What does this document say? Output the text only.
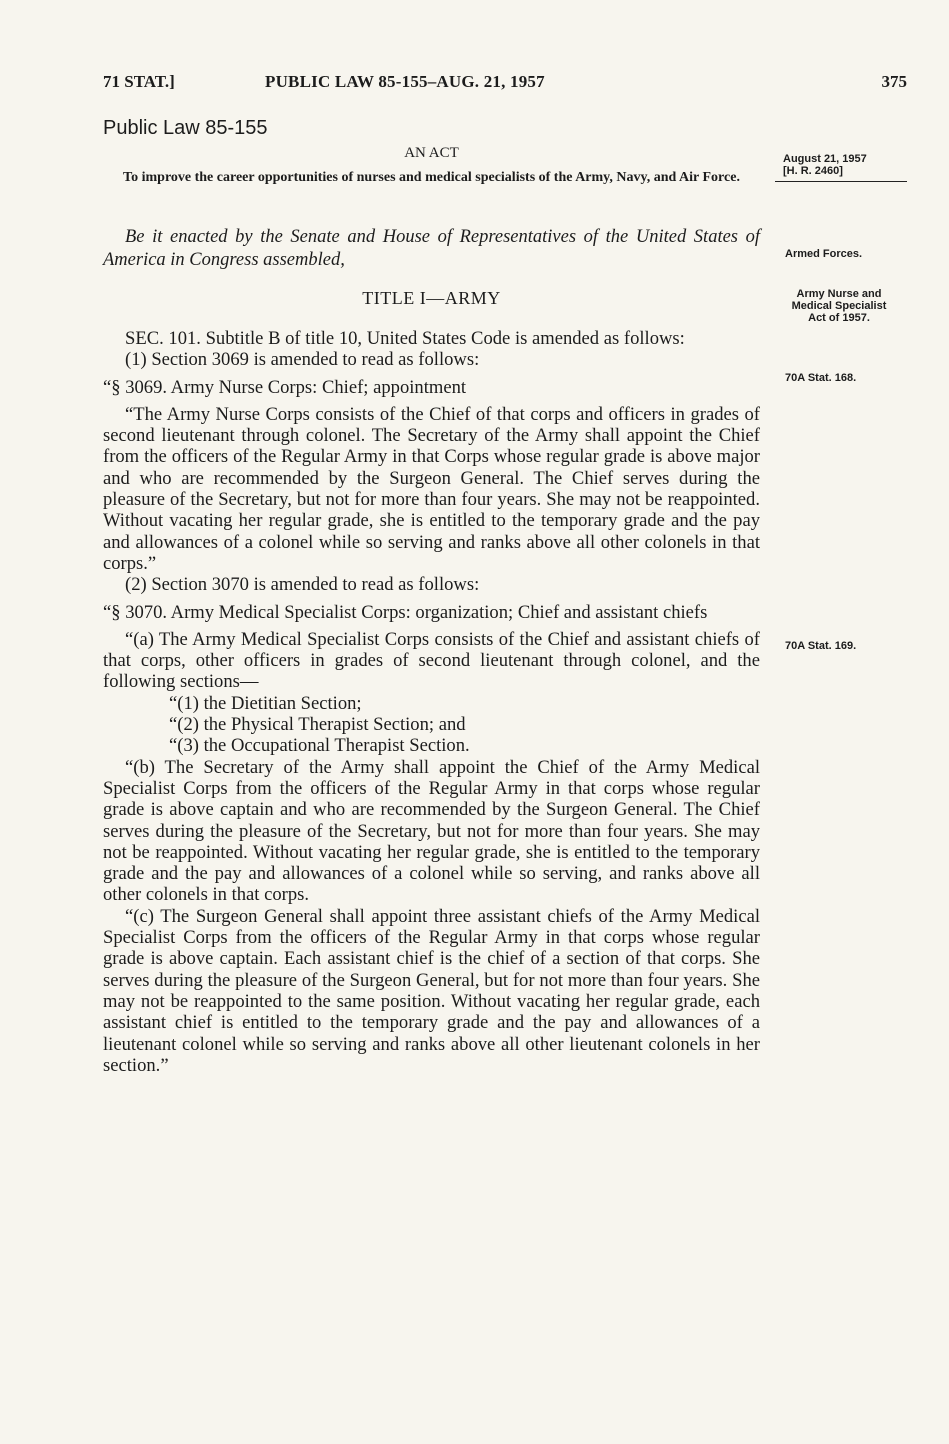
71 STAT.]	PUBLIC LAW 85-155–AUG. 21, 1957	375
Public Law 85-155
AN ACT
To improve the career opportunities of nurses and medical specialists of the Army, Navy, and Air Force.
Be it enacted by the Senate and House of Representatives of the United States of America in Congress assembled,
TITLE I—ARMY

SEC. 101. Subtitle B of title 10, United States Code is amended as follows:

(1) Section 3069 is amended to read as follows:

“§ 3069. Army Nurse Corps: Chief; appointment

“The Army Nurse Corps consists of the Chief of that corps and officers in grades of second lieutenant through colonel. The Secretary of the Army shall appoint the Chief from the officers of the Regular Army in that Corps whose regular grade is above major and who are recommended by the Surgeon General. The Chief serves during the pleasure of the Secretary, but not for more than four years. She may not be reappointed. Without vacating her regular grade, she is entitled to the temporary grade and the pay and allowances of a colonel while so serving and ranks above all other colonels in that corps.”

(2) Section 3070 is amended to read as follows:

“§ 3070. Army Medical Specialist Corps: organization; Chief and assistant chiefs

“(a) The Army Medical Specialist Corps consists of the Chief and assistant chiefs of that corps, other officers in grades of second lieutenant through colonel, and the following sections—

“(1) the Dietitian Section;

“(2) the Physical Therapist Section; and

“(3) the Occupational Therapist Section.

“(b) The Secretary of the Army shall appoint the Chief of the Army Medical Specialist Corps from the officers of the Regular Army in that corps whose regular grade is above captain and who are recommended by the Surgeon General. The Chief serves during the pleasure of the Secretary, but not for more than four years. She may not be reappointed. Without vacating her regular grade, she is entitled to the temporary grade and the pay and allowances of a colonel while so serving, and ranks above all other colonels in that corps.

“(c) The Surgeon General shall appoint three assistant chiefs of the Army Medical Specialist Corps from the officers of the Regular Army in that corps whose regular grade is above captain. Each assistant chief is the chief of a section of that corps. She serves during the pleasure of the Surgeon General, but for not more than four years. She may not be reappointed to the same position. Without vacating her regular grade, each assistant chief is entitled to the temporary grade and the pay and allowances of a lieutenant colonel while so serving and ranks above all other lieutenant colonels in her section.”

August 21, 1957
[H. R. 2460]
Armed Forces.
Army Nurse and
Medical Specialist
Act of 1957.
70A Stat. 168.
70A Stat. 169.
